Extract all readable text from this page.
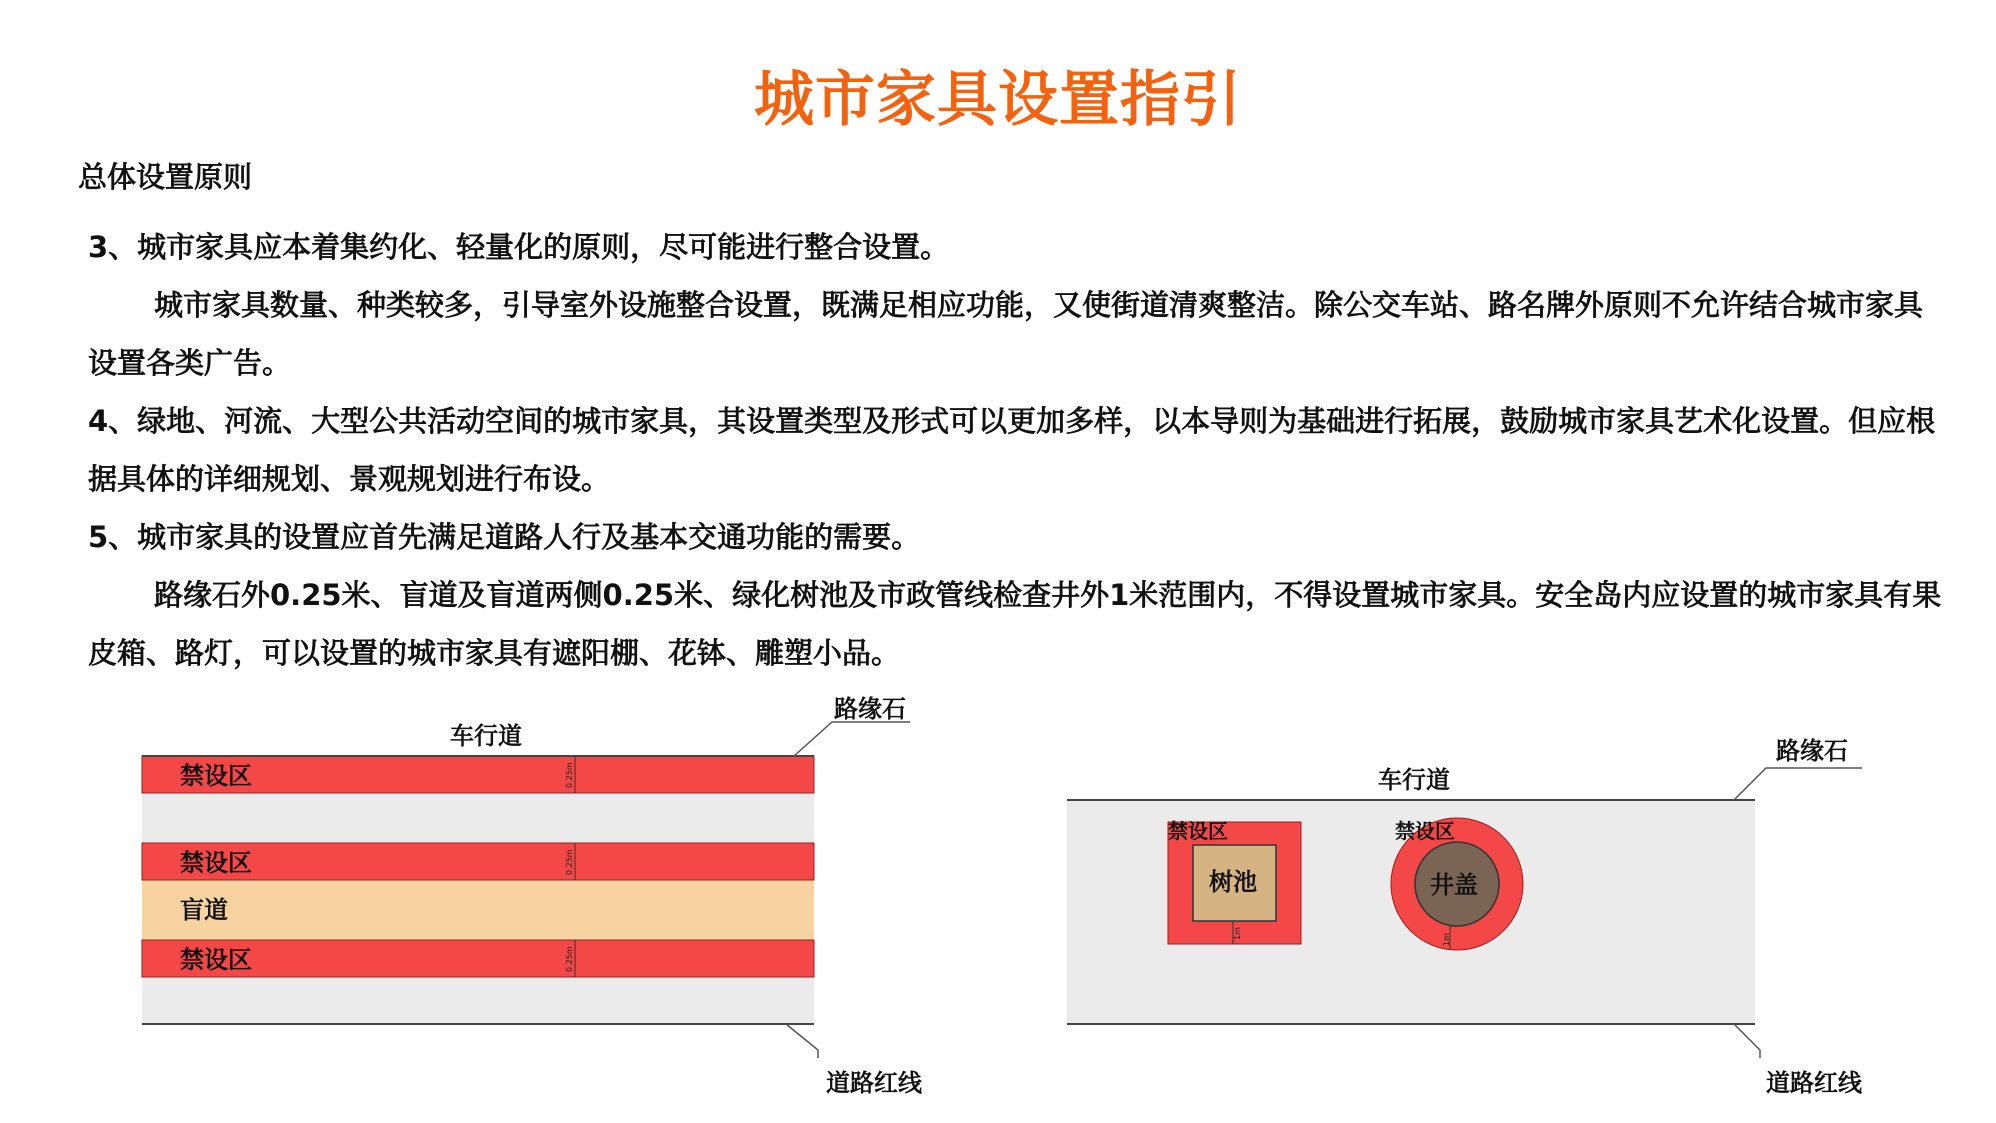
城市家具设置指引
总体设置原则

3、城市家具应本着集约化、轻量化的原则，尽可能进行整合设置。

城市家具数量、种类较多，引导室外设施整合设置，既满足相应功能，又使街道清爽整洁。除公交车站、路名牌外原则不允许结合城市家具设置各类广告。

4、绿地、河流、大型公共活动空间的城市家具，其设置类型及形式可以更加多样，以本导则为基础进行拓展，鼓励城市家具艺术化设置。但应根据具体的详细规划、景观规划进行布设。

5、城市家具的设置应首先满足道路人行及基本交通功能的需要。

路缘石外0.25米、盲道及盲道两侧0.25米、绿化树池及市政管线检查井外1米范围内，不得设置城市家具。安全岛内应设置的城市家具有果皮箱、路灯，可以设置的城市家具有遮阳棚、花钵、雕塑小品。

0.25m
0.25m
0.25m
车行道
路缘石
禁设区
禁设区
盲道
禁设区
道路红线
1m	1m
车行道
路缘石
禁设区
树池
禁设区
井盖
道路红线
